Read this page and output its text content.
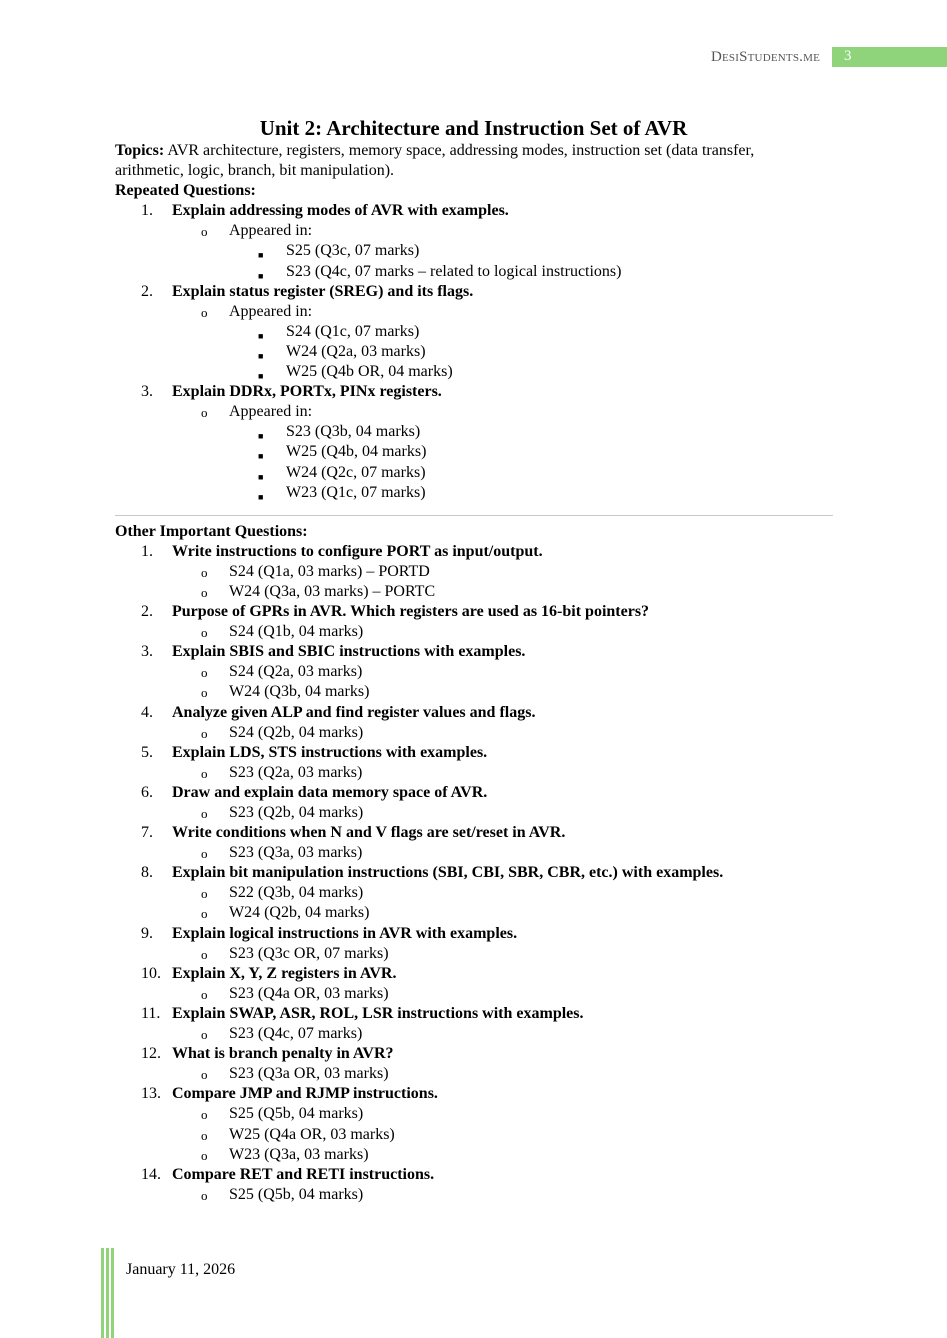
DesiStudents.me 3
Unit 2: Architecture and Instruction Set of AVR
Topics: AVR architecture, registers, memory space, addressing modes, instruction set (data transfer,
arithmetic, logic, branch, bit manipulation).
Repeated Questions:
1. Explain addressing modes of AVR with examples.
o Appeared in:
■ S25 (Q3c, 07 marks)
■ S23 (Q4c, 07 marks – related to logical instructions)
2. Explain status register (SREG) and its flags.
o Appeared in:
■ S24 (Q1c, 07 marks)
■ W24 (Q2a, 03 marks)
■ W25 (Q4b OR, 04 marks)
3. Explain DDRx, PORTx, PINx registers.
o Appeared in:
■ S23 (Q3b, 04 marks)
■ W25 (Q4b, 04 marks)
■ W24 (Q2c, 07 marks)
■ W23 (Q1c, 07 marks)
Other Important Questions:
1. Write instructions to configure PORT as input/output.
o S24 (Q1a, 03 marks) – PORTD
o W24 (Q3a, 03 marks) – PORTC
2. Purpose of GPRs in AVR. Which registers are used as 16-bit pointers?
o S24 (Q1b, 04 marks)
3. Explain SBIS and SBIC instructions with examples.
o S24 (Q2a, 03 marks)
o W24 (Q3b, 04 marks)
4. Analyze given ALP and find register values and flags.
o S24 (Q2b, 04 marks)
5. Explain LDS, STS instructions with examples.
o S23 (Q2a, 03 marks)
6. Draw and explain data memory space of AVR.
o S23 (Q2b, 04 marks)
7. Write conditions when N and V flags are set/reset in AVR.
o S23 (Q3a, 03 marks)
8. Explain bit manipulation instructions (SBI, CBI, SBR, CBR, etc.) with examples.
o S22 (Q3b, 04 marks)
o W24 (Q2b, 04 marks)
9. Explain logical instructions in AVR with examples.
o S23 (Q3c OR, 07 marks)
10. Explain X, Y, Z registers in AVR.
o S23 (Q4a OR, 03 marks)
11. Explain SWAP, ASR, ROL, LSR instructions with examples.
o S23 (Q4c, 07 marks)
12. What is branch penalty in AVR?
o S23 (Q3a OR, 03 marks)
13. Compare JMP and RJMP instructions.
o S25 (Q5b, 04 marks)
o W25 (Q4a OR, 03 marks)
o W23 (Q3a, 03 marks)
14. Compare RET and RETI instructions.
o S25 (Q5b, 04 marks)
January 11, 2026
